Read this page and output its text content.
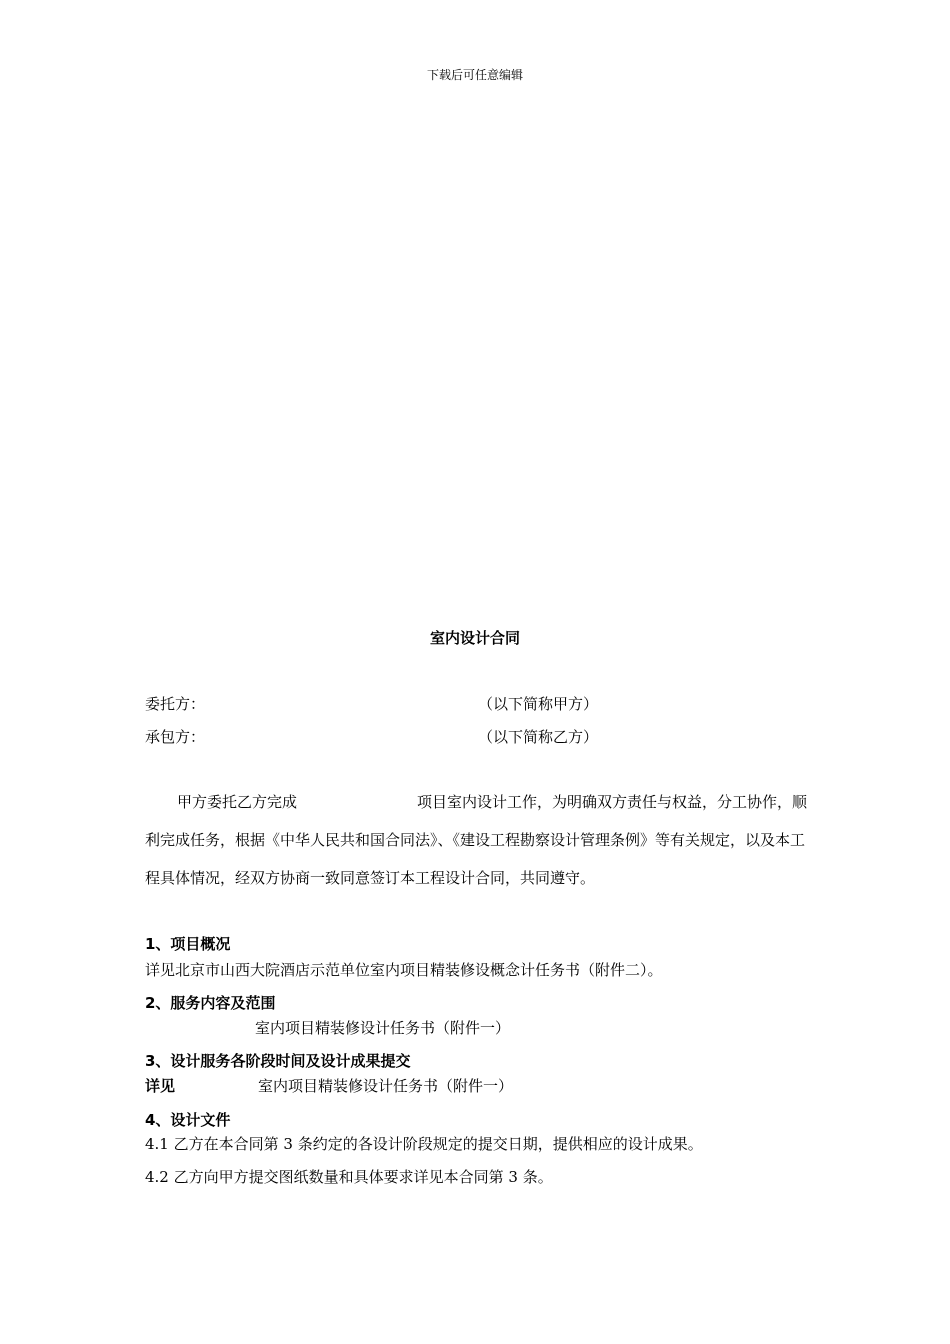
下载后可任意编辑
室内设计合同
委托方：	（以下简称甲方）
承包方：	（以下简称乙方）
甲方委托乙方完成	项目室内设计工作，为明确双方责任与权益，分工协作，顺利完成任务，根据《中华人民共和国合同法》、《建设工程勘察设计管理条例》等有关规定，以及本工程具体情况，经双方协商一致同意签订本工程设计合同，共同遵守。
1、项目概况
详见北京市山西大院酒店示范单位室内项目精装修设概念计任务书（附件二）。
2、服务内容及范围
室内项目精装修设计任务书（附件一）
3、设计服务各阶段时间及设计成果提交
详见	室内项目精装修设计任务书（附件一）
4、设计文件
4.1 乙方在本合同第 3 条约定的各设计阶段规定的提交日期，提供相应的设计成果。
4.2 乙方向甲方提交图纸数量和具体要求详见本合同第 3 条。
